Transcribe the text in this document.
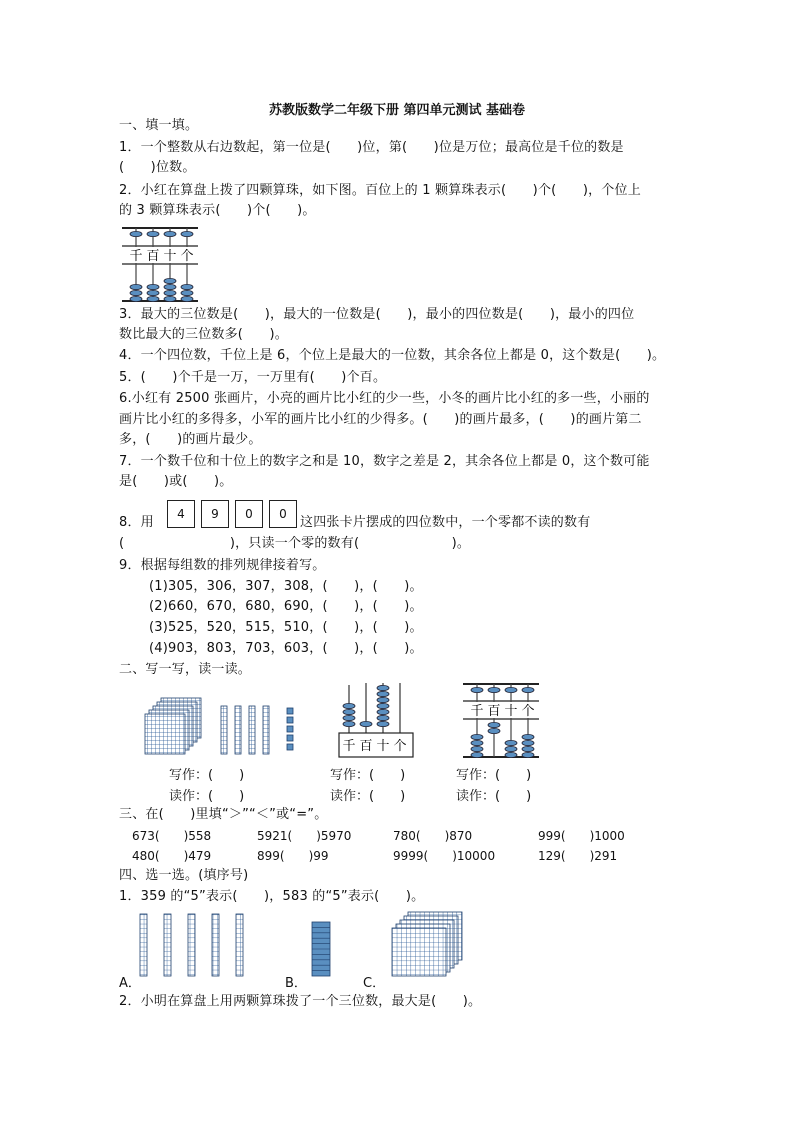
苏教版数学二年级下册 第四单元测试 基础卷
一、填一填。
1．一个整数从右边数起，第一位是(　　)位，第(　　)位是万位；最高位是千位的数是
(　　)位数。
2．小红在算盘上拨了四颗算珠，如下图。百位上的 1 颗算珠表示(　　)个(　　)，个位上
的 3 颗算珠表示(　　)个(　　)。
千 百 十 个
3．最大的三位数是(　　)，最大的一位数是(　　)，最小的四位数是(　　)，最小的四位
数比最大的三位数多(　　)。
4．一个四位数，千位上是 6，个位上是最大的一位数，其余各位上都是 0，这个数是(　　)。
5．(　　)个千是一万，一万里有(　　)个百。
6.小红有 2500 张画片，小亮的画片比小红的少一些，小冬的画片比小红的多一些，小丽的
画片比小红的多得多，小军的画片比小红的少得多。(　　)的画片最多，(　　)的画片第二
多，(　　)的画片最少。
7．一个数千位和十位上的数字之和是 10，数字之差是 2，其余各位上都是 0，这个数可能
是(　　)或(　　)。
8．用
4	9	0	0
这四张卡片摆成的四位数中，一个零都不读的数有
(　　　　　　　　)，只读一个零的数有(　　　　　　　)。
9．根据每组数的排列规律接着写。
(1)305，306，307，308，(　　)，(　　)。
(2)660，670，680，690，(　　)，(　　)。
(3)525，520，515，510，(　　)，(　　)。
(4)903，803，703，603，(　　)，(　　)。
二、写一写，读一读。
千 百 十 个
千 百 十 个
写作：(　　)	写作：(　　)	写作：(　　)
读作：(　　)	读作：(　　)	读作：(　　)
三、在(　　)里填“＞”“＜”或“=”。
673(　　)558	5921(　　)5970	780(　　)870	999(　　)1000
480(　　)479	899(　　)99	9999(　　)10000	129(　　)291
四、选一选。(填序号)
1．359 的“5”表示(　　)，583 的“5”表示(　　)。
A．	B．	C．
2．小明在算盘上用两颗算珠拨了一个三位数，最大是(　　)。
